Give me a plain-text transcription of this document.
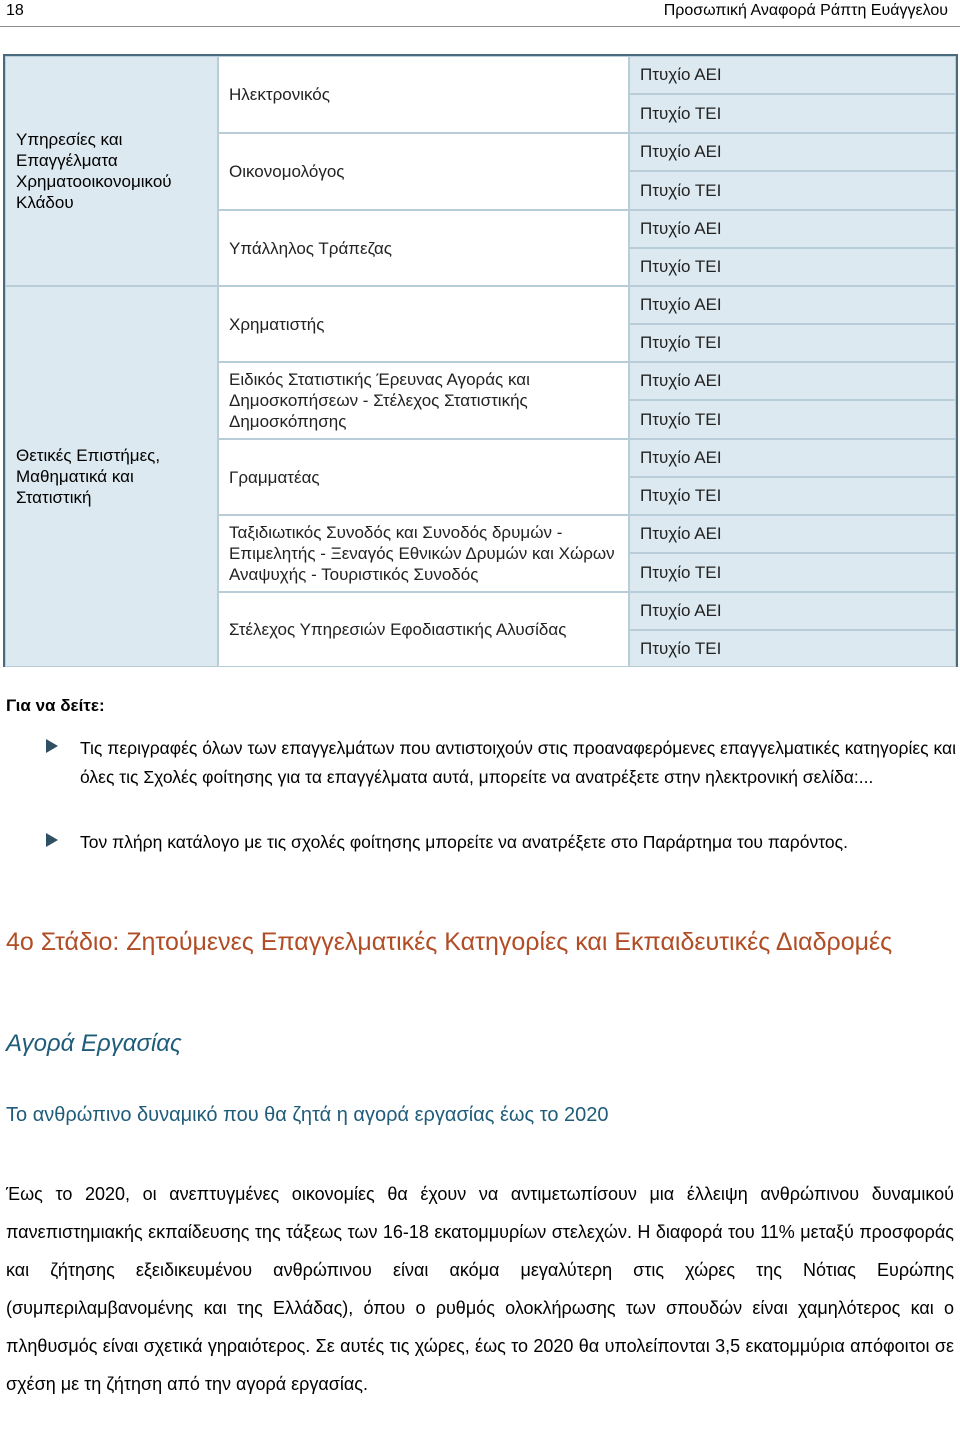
18	Προσωπική Αναφορά Ράπτη Ευάγγελου
Υπηρεσίες και Επαγγέλματα Χρηματοοικονομικού Κλάδου
Θετικές Επιστήμες, Μαθηματικά και Στατιστική
Ηλεκτρονικός
Οικονομολόγος
Υπάλληλος Τράπεζας
Χρηματιστής
Ειδικός Στατιστικής Έρευνας Αγοράς και Δημοσκοπήσεων - Στέλεχος Στατιστικής Δημοσκόπησης
Γραμματέας
Ταξιδιωτικός Συνοδός και Συνοδός δρυμών - Επιμελητής - Ξεναγός Εθνικών Δρυμών και Χώρων Αναψυχής - Τουριστικός Συνοδός
Στέλεχος Υπηρεσιών Εφοδιαστικής Αλυσίδας
Πτυχίο ΑΕΙ
Πτυχίο ΤΕΙ
Πτυχίο ΑΕΙ
Πτυχίο ΤΕΙ
Πτυχίο ΑΕΙ
Πτυχίο ΤΕΙ
Πτυχίο ΑΕΙ
Πτυχίο ΤΕΙ
Πτυχίο ΑΕΙ
Πτυχίο ΤΕΙ
Πτυχίο ΑΕΙ
Πτυχίο ΤΕΙ
Πτυχίο ΑΕΙ
Πτυχίο ΤΕΙ
Πτυχίο ΑΕΙ
Πτυχίο ΤΕΙ
Για να δείτε:
Τις περιγραφές όλων των επαγγελμάτων που αντιστοιχούν στις προαναφερόμενες επαγγελματικές κατηγορίες και όλες τις Σχολές φοίτησης για τα επαγγέλματα αυτά, μπορείτε να ανατρέξετε στην ηλεκτρονική σελίδα:...
Τον πλήρη κατάλογο με τις σχολές φοίτησης μπορείτε να ανατρέξετε στο Παράρτημα του παρόντος.
4ο Στάδιο: Ζητούμενες Επαγγελματικές Κατηγορίες και Εκπαιδευτικές Διαδρομές
Αγορά Εργασίας
Το ανθρώπινο δυναμικό που θα ζητά η αγορά εργασίας έως το 2020
Έως το 2020, οι ανεπτυγμένες οικονομίες θα έχουν να αντιμετωπίσουν μια έλλειψη ανθρώπινου δυναμικού πανεπιστημιακής εκπαίδευσης της τάξεως των 16-18 εκατομμυρίων στελεχών. Η διαφορά του 11% μεταξύ προσφοράς και ζήτησης εξειδικευμένου ανθρώπινου είναι ακόμα μεγαλύτερη στις χώρες της Νότιας Ευρώπης (συμπεριλαμβανομένης και της Ελλάδας), όπου ο ρυθμός ολοκλήρωσης των σπουδών είναι χαμηλότερος και ο πληθυσμός είναι σχετικά γηραιότερος. Σε αυτές τις χώρες, έως το 2020 θα υπολείπονται 3,5 εκατομμύρια απόφοιτοι σε σχέση με τη ζήτηση από την αγορά εργασίας.
